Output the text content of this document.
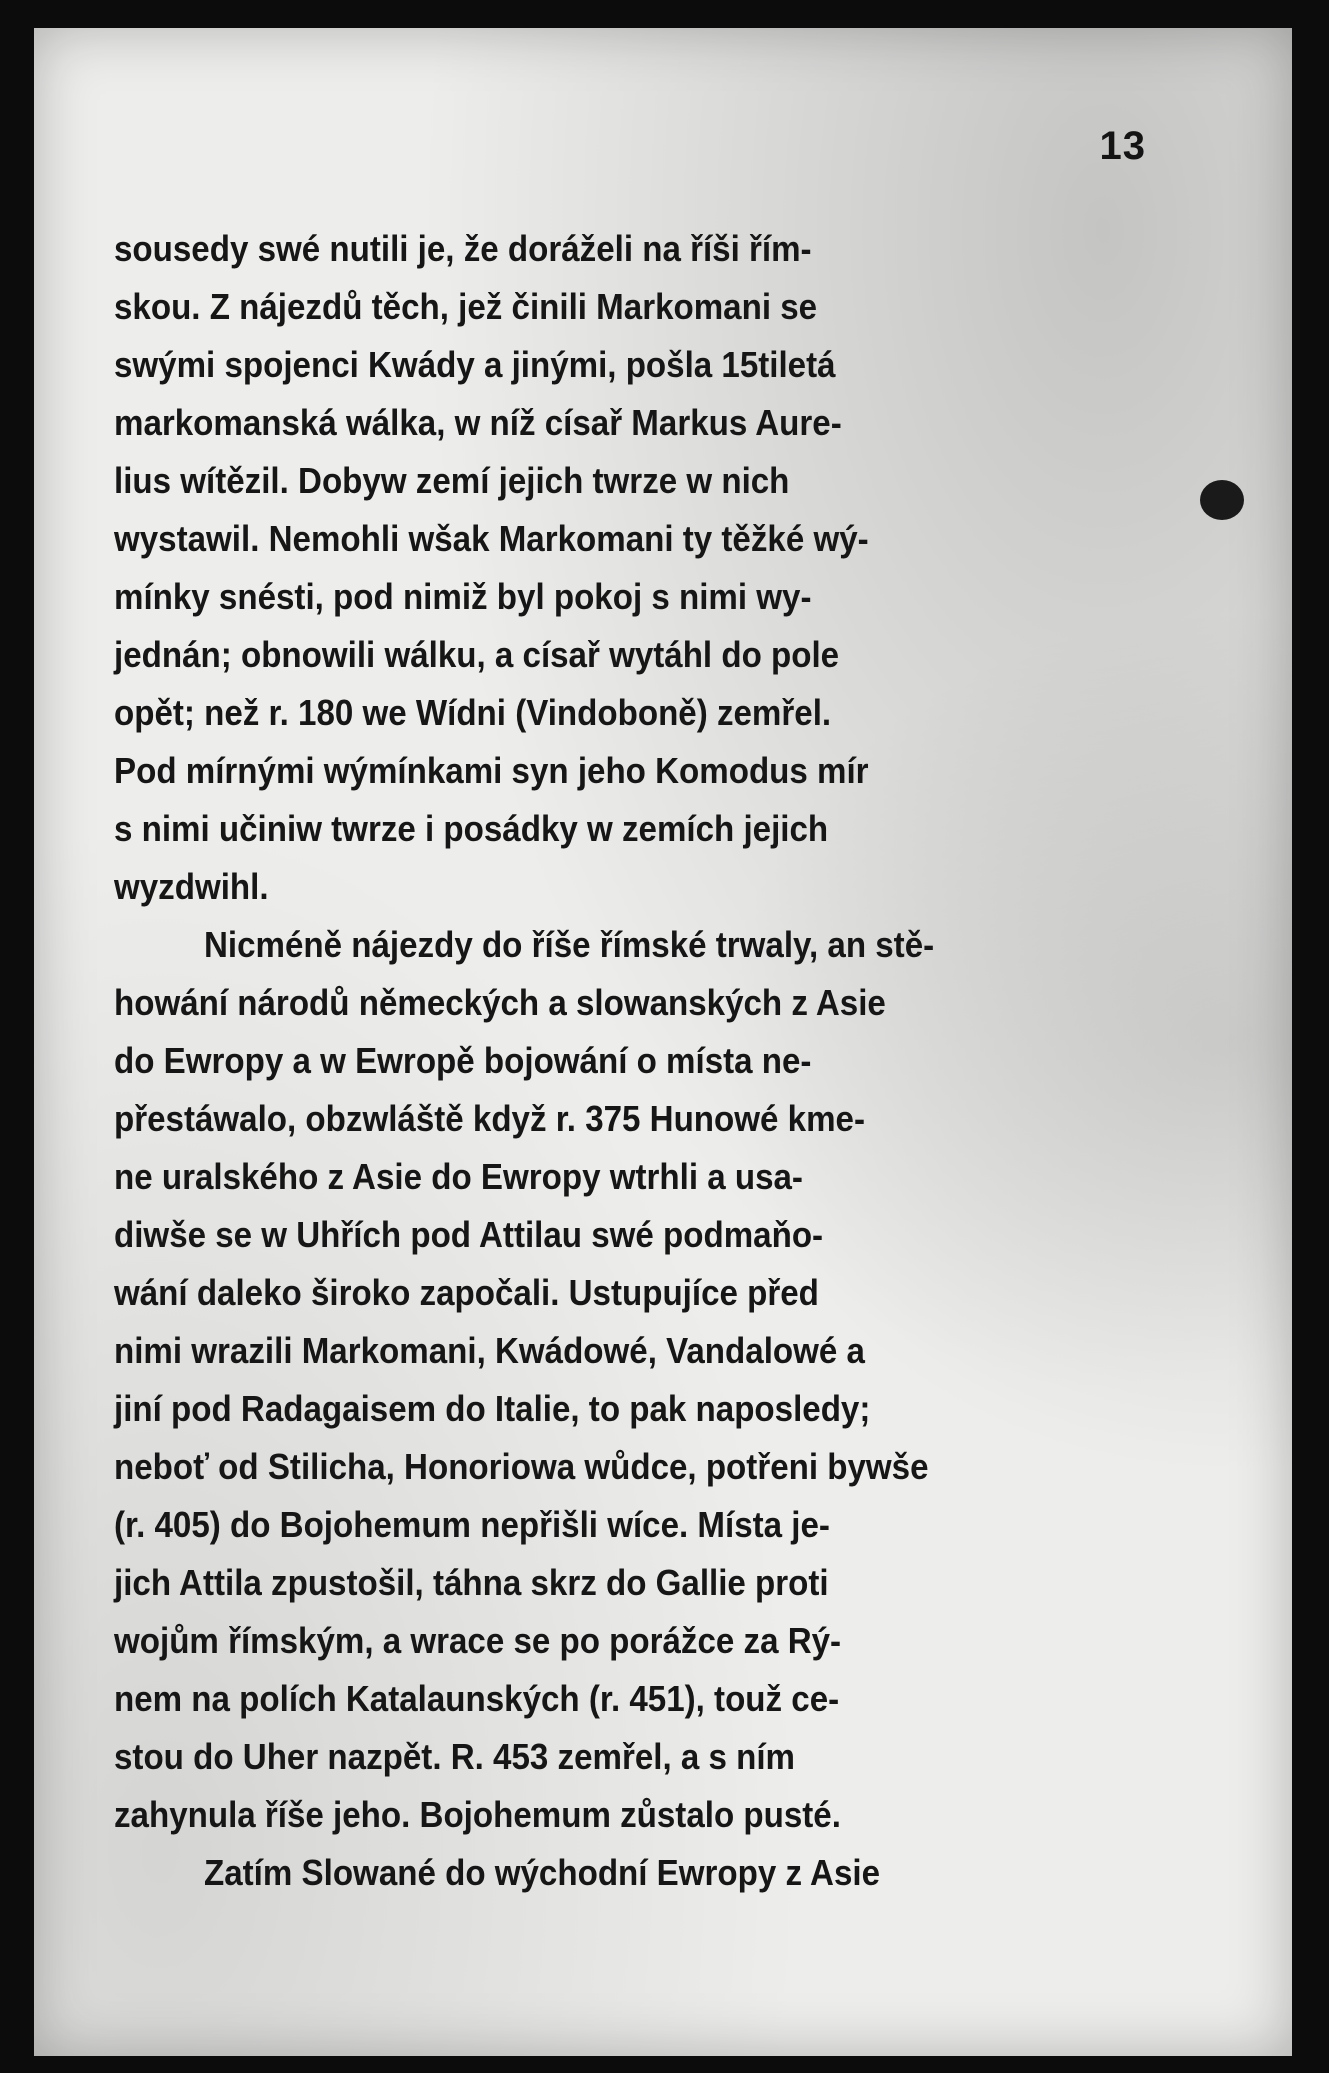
13
sousedy swé nutili je, že doráželi na říši řím-
skou. Z nájezdů těch, jež činili Markomani se
swými spojenci Kwády a jinými, pošla 15tiletá
markomanská wálka, w níž císař Markus Aure-
lius wítězil. Dobyw zemí jejich twrze w nich
wystawil. Nemohli wšak Markomani ty těžké wý-
mínky snésti, pod nimiž byl pokoj s nimi wy-
jednán; obnowili wálku, a císař wytáhl do pole
opět; než r. 180 we Wídni (Vindoboně) zemřel.
Pod mírnými wýmínkami syn jeho Komodus mír
s nimi učiniw twrze i posádky w zemích jejich
wyzdwihl.
Nicméně nájezdy do říše římské trwaly, an stě-
howání národů německých a slowanských z Asie
do Ewropy a w Ewropě bojowání o místa ne-
přestáwalo, obzwláště když r. 375 Hunowé kme-
ne uralského z Asie do Ewropy wtrhli a usa-
diwše se w Uhřích pod Attilau swé podmaňo-
wání daleko široko započali. Ustupujíce před
nimi wrazili Markomani, Kwádowé, Vandalowé a
jiní pod Radagaisem do Italie, to pak naposledy;
neboť od Stilicha, Honoriowa wůdce, potřeni bywše
(r. 405) do Bojohemum nepřišli wíce. Místa je-
jich Attila zpustošil, táhna skrz do Gallie proti
wojům římským, a wrace se po porážce za Rý-
nem na polích Katalaunských (r. 451), touž ce-
stou do Uher nazpět. R. 453 zemřel, a s ním
zahynula říše jeho. Bojohemum zůstalo pusté.
Zatím Slowané do wýchodní Ewropy z Asie
